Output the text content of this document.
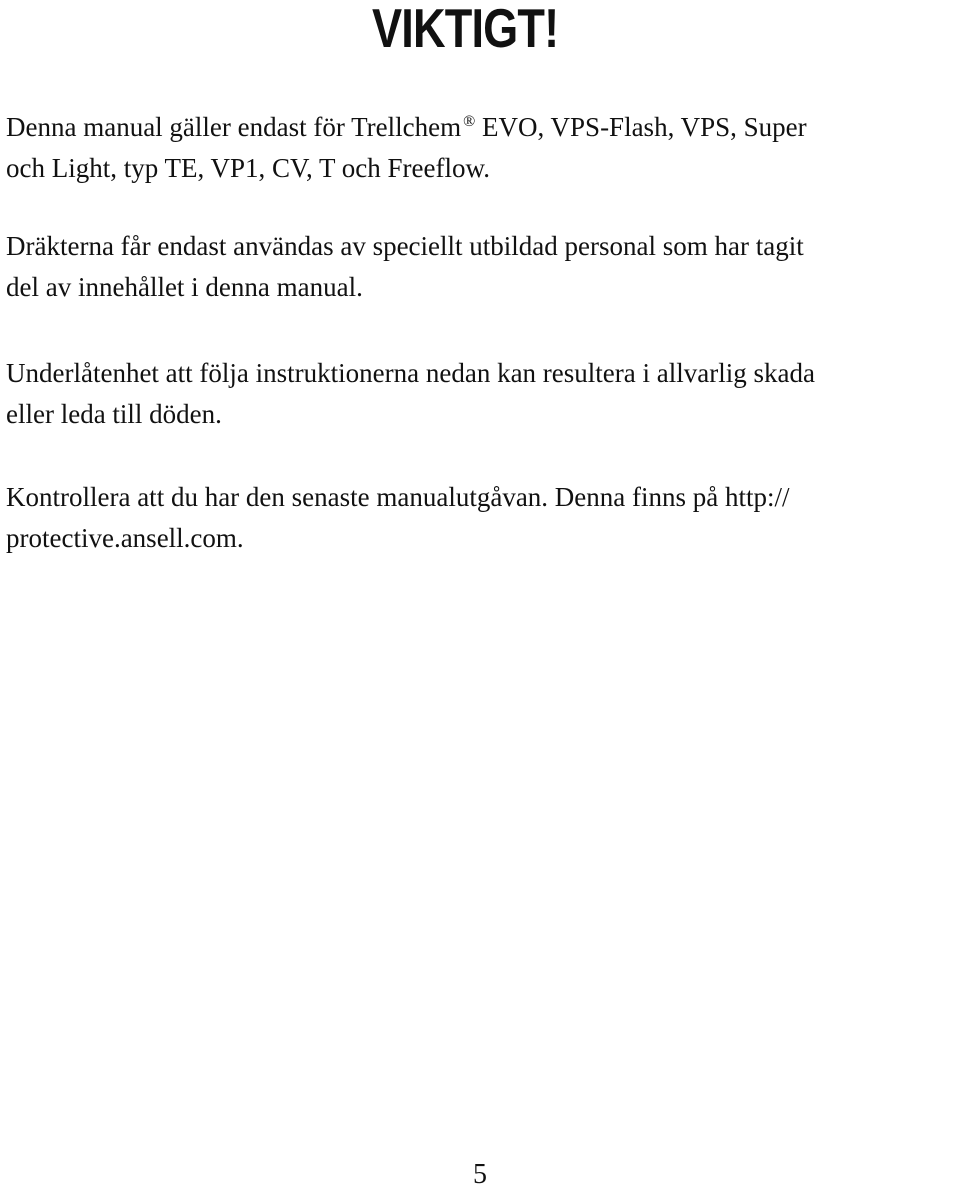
VIKTIGT!

Denna manual gäller endast för Trellchem ® EVO, VPS-Flash, VPS, Super
och Light, typ TE, VP1, CV, T och Freeflow.

Dräkterna får endast användas av speciellt utbildad personal som har tagit
del av innehållet i denna manual.

Underlåtenhet att följa instruktionerna nedan kan resultera i allvarlig skada
eller leda till döden.

Kontrollera att du har den senaste manualutgåvan. Denna finns på http://
protective.ansell.com.

5
